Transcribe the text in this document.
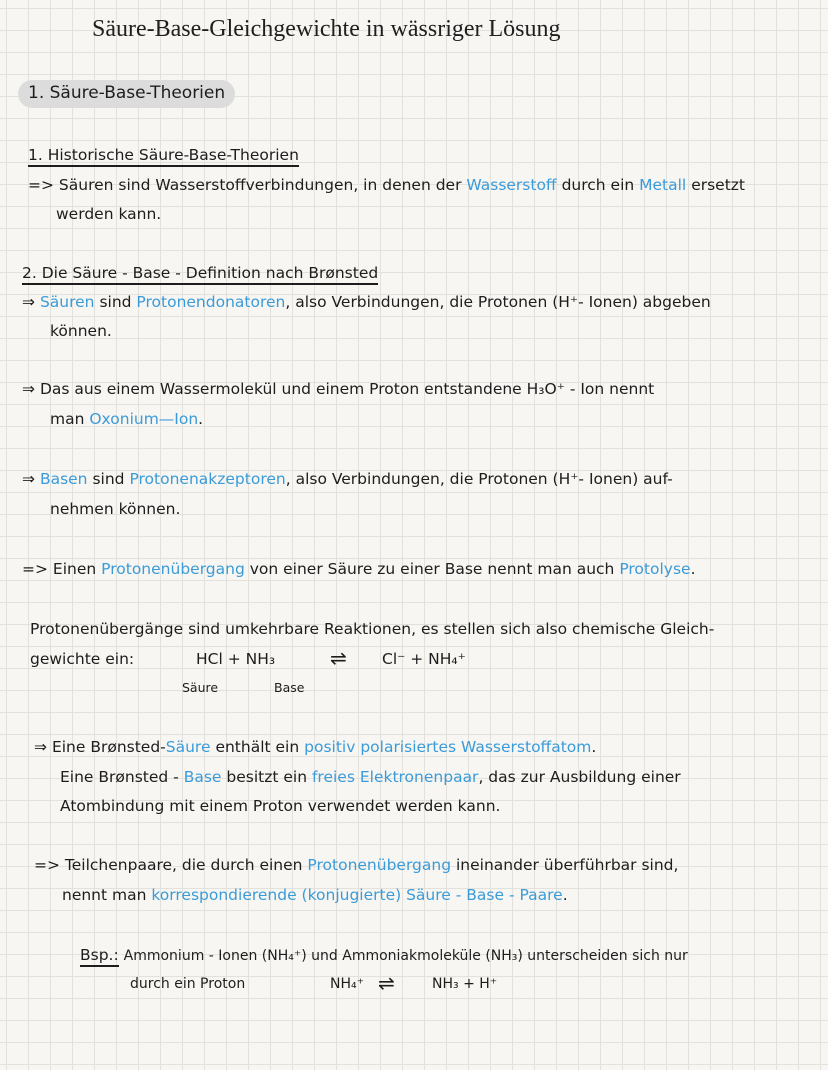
Säure-Base-Gleichgewichte in wässriger Lösung
1. Säure-Base-Theorien
1. Historische Säure-Base-Theorien
=> Säuren sind Wasserstoffverbindungen, in denen der Wasserstoff durch ein Metall ersetzt
werden kann.
2. Die Säure - Base - Definition nach Brønsted
⇒ Säuren sind Protonendonatoren, also Verbindungen, die Protonen (H⁺- Ionen) abgeben
können.
⇒ Das aus einem Wassermolekül und einem Proton entstandene H₃O⁺ - Ion nennt
man Oxonium—Ion.
⇒ Basen sind Protonenakzeptoren, also Verbindungen, die Protonen (H⁺- Ionen) auf-
nehmen können.
=> Einen Protonenübergang von einer Säure zu einer Base nennt man auch Protolyse.
Protonenübergänge sind umkehrbare Reaktionen, es stellen sich also chemische Gleich-
gewichte ein:	HCl + NH₃	⇌ Cl⁻ + NH₄⁺
Säure	Base
⇒ Eine Brønsted-Säure enthält ein positiv polarisiertes Wasserstoffatom.
Eine Brønsted - Base besitzt ein freies Elektronenpaar, das zur Ausbildung einer
Atombindung mit einem Proton verwendet werden kann.
=> Teilchenpaare, die durch einen Protonenübergang ineinander überführbar sind,
nennt man korrespondierende (konjugierte) Säure - Base - Paare.
Bsp.: Ammonium - Ionen (NH₄⁺) und Ammoniakmoleküle (NH₃) unterscheiden sich nur
durch ein Proton	NH₄⁺ ⇌	NH₃ + H⁺
